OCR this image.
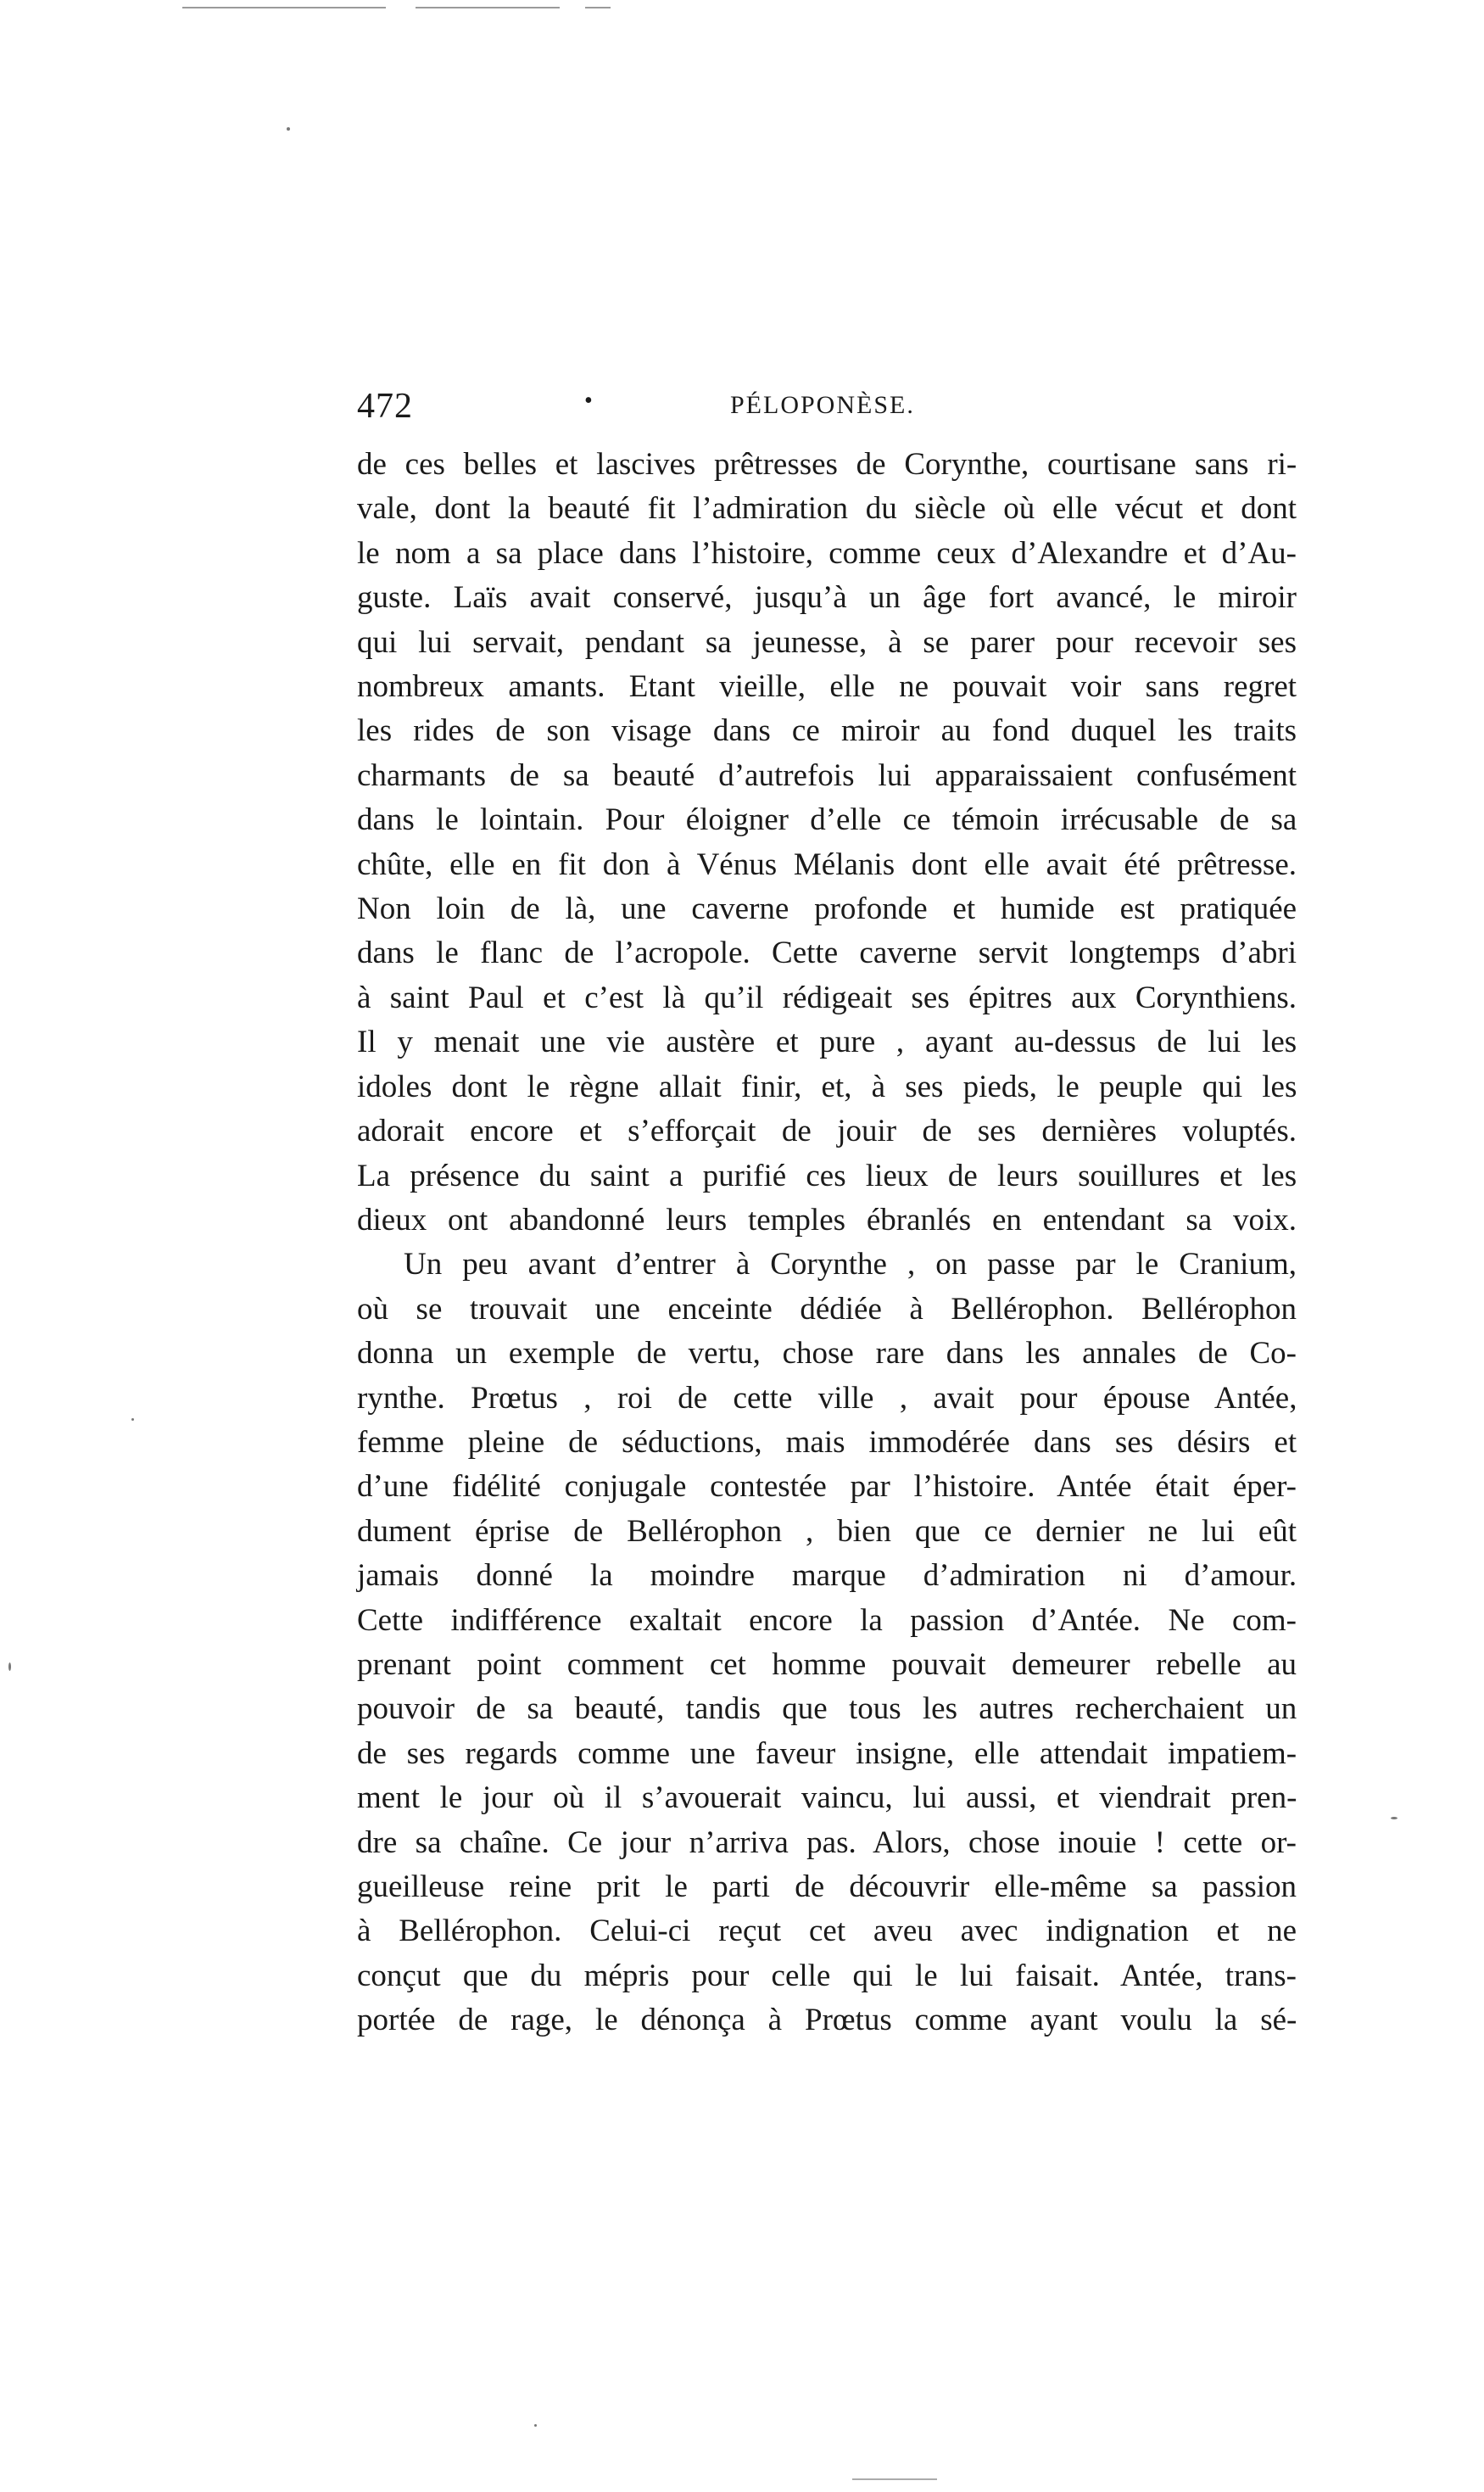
472	•	PÉLOPONÈSE.
de ces belles et lascives prêtresses de Corynthe, courtisane sans ri-
vale, dont la beauté fit l’admiration du siècle où elle vécut et dont
le nom a sa place dans l’histoire, comme ceux d’Alexandre et d’Au-
guste. Laïs avait conservé, jusqu’à un âge fort avancé, le miroir
qui lui servait, pendant sa jeunesse, à se parer pour recevoir ses
nombreux amants. Etant vieille, elle ne pouvait voir sans regret
les rides de son visage dans ce miroir au fond duquel les traits
charmants de sa beauté d’autrefois lui apparaissaient confusément
dans le lointain. Pour éloigner d’elle ce témoin irrécusable de sa
chûte, elle en fit don à Vénus Mélanis dont elle avait été prêtresse.
Non loin de là, une caverne profonde et humide est pratiquée
dans le flanc de l’acropole. Cette caverne servit longtemps d’abri
à saint Paul et c’est là qu’il rédigeait ses épitres aux Corynthiens.
Il y menait une vie austère et pure , ayant au-dessus de lui les
idoles dont le règne allait finir, et, à ses pieds, le peuple qui les
adorait encore et s’efforçait de jouir de ses dernières voluptés.
La présence du saint a purifié ces lieux de leurs souillures et les
dieux ont abandonné leurs temples ébranlés en entendant sa voix.
Un peu avant d’entrer à Corynthe , on passe par le Cranium,
où se trouvait une enceinte dédiée à Bellérophon. Bellérophon
donna un exemple de vertu, chose rare dans les annales de Co-
rynthe. Prœtus , roi de cette ville , avait pour épouse Antée,
femme pleine de séductions, mais immodérée dans ses désirs et
d’une fidélité conjugale contestée par l’histoire. Antée était éper-
dument éprise de Bellérophon , bien que ce dernier ne lui eût
jamais donné la moindre marque d’admiration ni d’amour.
Cette indifférence exaltait encore la passion d’Antée. Ne com-
prenant point comment cet homme pouvait demeurer rebelle au
pouvoir de sa beauté, tandis que tous les autres recherchaient un
de ses regards comme une faveur insigne, elle attendait impatiem-
ment le jour où il s’avouerait vaincu, lui aussi, et viendrait pren-
dre sa chaîne. Ce jour n’arriva pas. Alors, chose inouie ! cette or-
gueilleuse reine prit le parti de découvrir elle-même sa passion
à Bellérophon. Celui-ci reçut cet aveu avec indignation et ne
conçut que du mépris pour celle qui le lui faisait. Antée, trans-
portée de rage, le dénonça à Prœtus comme ayant voulu la sé-
